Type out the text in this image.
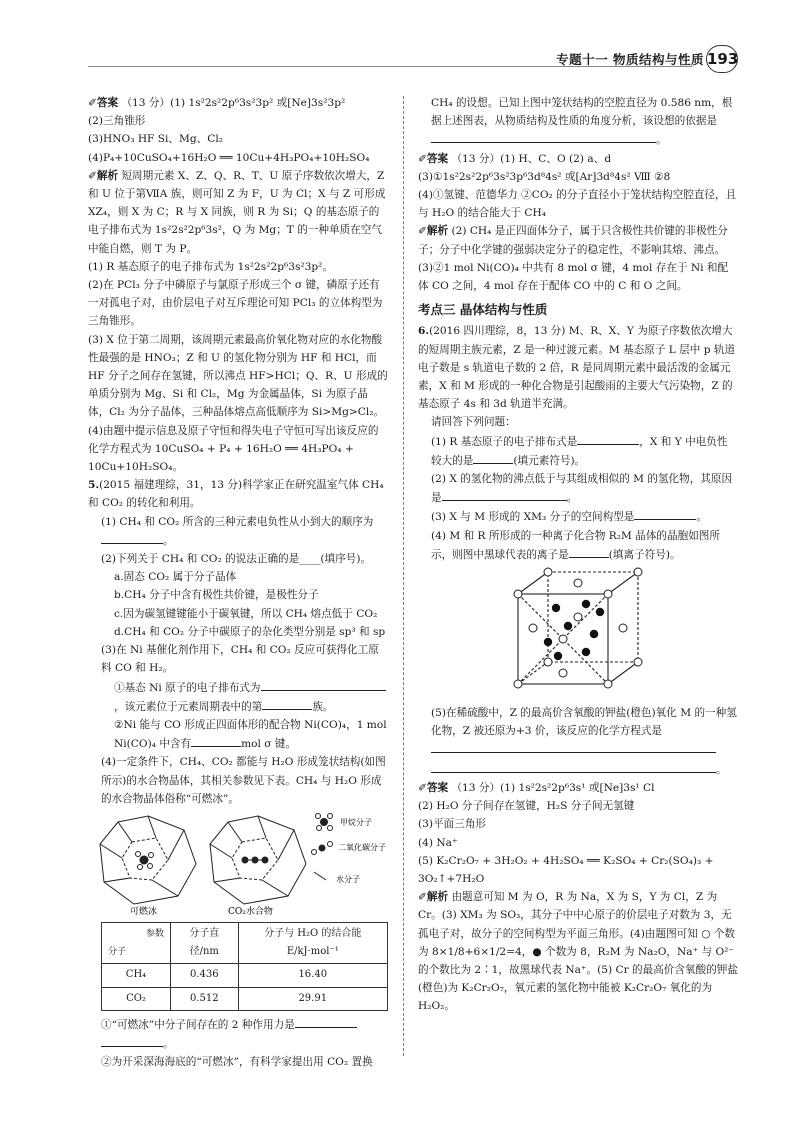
专题十一 物质结构与性质 193

✐答案 （13 分）(1) 1s²2s²2p⁶3s²3p² 或[Ne]3s²3p²

(2)三角锥形

(3)HNO₃ HF Si、Mg、Cl₂

(4)P₄+10CuSO₄+16H₂O ══ 10Cu+4H₃PO₄+10H₂SO₄

✐解析 短周期元素 X、Z、Q、R、T、U 原子序数依次增大，Z 和 U 位于第ⅦA 族，则可知 Z 为 F，U 为 Cl；X 与 Z 可形成 XZ₄，则 X 为 C；R 与 X 同族，则 R 为 Si；Q 的基态原子的电子排布式为 1s²2s²2p⁶3s²，Q 为 Mg；T 的一种单质在空气中能自燃，则 T 为 P。

(1) R 基态原子的电子排布式为 1s²2s²2p⁶3s²3p²。

(2)在 PCl₃ 分子中磷原子与氯原子形成三个 σ 键，磷原子还有一对孤电子对，由价层电子对互斥理论可知 PCl₃ 的立体构型为三角锥形。

(3) X 位于第二周期，该周期元素最高价氧化物对应的水化物酸性最强的是 HNO₃；Z 和 U 的氢化物分别为 HF 和 HCl，而 HF 分子之间存在氢键，所以沸点 HF>HCl；Q、R、U 形成的单质分别为 Mg、Si 和 Cl₂，Mg 为金属晶体，Si 为原子晶体，Cl₂ 为分子晶体，三种晶体熔点高低顺序为 Si>Mg>Cl₂。

(4)由题中提示信息及原子守恒和得失电子守恒可写出该反应的化学方程式为 10CuSO₄ + P₄ + 16H₂O ══ 4H₃PO₄ + 10Cu+10H₂SO₄。

5.(2015 福建理综，31，13 分)科学家正在研究温室气体 CH₄ 和 CO₂ 的转化和利用。

(1) CH₄ 和 CO₂ 所含的三种元素电负性从小到大的顺序为

。

(2)下列关于 CH₄ 和 CO₂ 的说法正确的是____(填序号)。

a.固态 CO₂ 属于分子晶体

b.CH₄ 分子中含有极性共价键，是极性分子

c.因为碳氢键键能小于碳氧键，所以 CH₄ 熔点低于 CO₂

d.CH₄ 和 CO₂ 分子中碳原子的杂化类型分别是 sp³ 和 sp

(3)在 Ni 基催化剂作用下，CH₄ 和 CO₂ 反应可获得化工原料 CO 和 H₂。

①基态 Ni 原子的电子排布式为，该元素位于元素周期表中的第	族。

②Ni 能与 CO 形成正四面体形的配合物 Ni(CO)₄，1 mol Ni(CO)₄ 中含有	mol σ 键。

(4)一定条件下，CH₄、CO₂ 都能与 H₂O 形成笼状结构(如图所示)的水合物晶体，其相关参数见下表。CH₄ 与 H₂O 形成的水合物晶体俗称“可燃冰”。

可燃冰	CO₂水合物
甲烷分子
二氧化碳分子
水分子
参数
分子	分子直径/nm	分子与 H₂O 的结合能 E/kJ·mol⁻¹
CH₄	0.436	16.40
CO₂	0.512	29.91

①“可燃冰”中分子间存在的 2 种作用力是

。

②为开采深海海底的“可燃冰”，有科学家提出用 CO₂ 置换

CH₄ 的设想。已知上图中笼状结构的空腔直径为 0.586 nm，根据上述图表，从物质结构及性质的角度分析，该设想的依据是

。

✐答案 （13 分）(1) H、C、O (2) a、d

(3)①1s²2s²2p⁶3s²3p⁶3d⁸4s² 或[Ar]3d⁸4s² Ⅷ ②8

(4)①氢键、范德华力 ②CO₂ 的分子直径小于笼状结构空腔直径，且与 H₂O 的结合能大于 CH₄

✐解析 (2) CH₄ 是正四面体分子，属于只含极性共价键的非极性分子；分子中化学键的强弱决定分子的稳定性，不影响其熔、沸点。(3)②1 mol Ni(CO)₄ 中共有 8 mol σ 键，4 mol 存在于 Ni 和配体 CO 之间，4 mol 存在于配体 CO 中的 C 和 O 之间。

考点三 晶体结构与性质

6.(2016 四川理综，8，13 分) M、R、X、Y 为原子序数依次增大的短周期主族元素，Z 是一种过渡元素。M 基态原子 L 层中 p 轨道电子数是 s 轨道电子数的 2 倍，R 是同周期元素中最活泼的金属元素，X 和 M 形成的一种化合物是引起酸雨的主要大气污染物，Z 的基态原子 4s 和 3d 轨道半充满。

请回答下列问题：

(1) R 基态原子的电子排布式是	，X 和 Y 中电负性较大的是	(填元素符号)。

(2) X 的氢化物的沸点低于与其组成相似的 M 的氢化物，其原因是	。

(3) X 与 M 形成的 XM₃ 分子的空间构型是	。

(4) M 和 R 所形成的一种离子化合物 R₂M 晶体的晶胞如图所示，则图中黑球代表的离子是	(填离子符号)。

(5)在稀硫酸中，Z 的最高价含氧酸的钾盐(橙色)氧化 M 的一种氢化物，Z 被还原为+3 价，该反应的化学方程式是

。

✐答案 （13 分）(1) 1s²2s²2p⁶3s¹ 或[Ne]3s¹ Cl

(2) H₂O 分子间存在氢键，H₂S 分子间无氢键

(3)平面三角形

(4) Na⁺

(5) K₂Cr₂O₇ + 3H₂O₂ + 4H₂SO₄ ══ K₂SO₄ + Cr₂(SO₄)₃ + 3O₂↑+7H₂O

✐解析 由题意可知 M 为 O，R 为 Na，X 为 S，Y 为 Cl，Z 为 Cr。(3) XM₃ 为 SO₃，其分子中中心原子的价层电子对数为 3，无孤电子对，故分子的空间构型为平面三角形。(4)由题图可知 ○ 个数为 8×1/8+6×1/2=4，● 个数为 8，R₂M 为 Na₂O，Na⁺ 与 O²⁻ 的个数比为 2∶1，故黑球代表 Na⁺。(5) Cr 的最高价含氧酸的钾盐(橙色)为 K₂Cr₂O₇，氧元素的氢化物中能被 K₂Cr₂O₇ 氧化的为 H₂O₂。
